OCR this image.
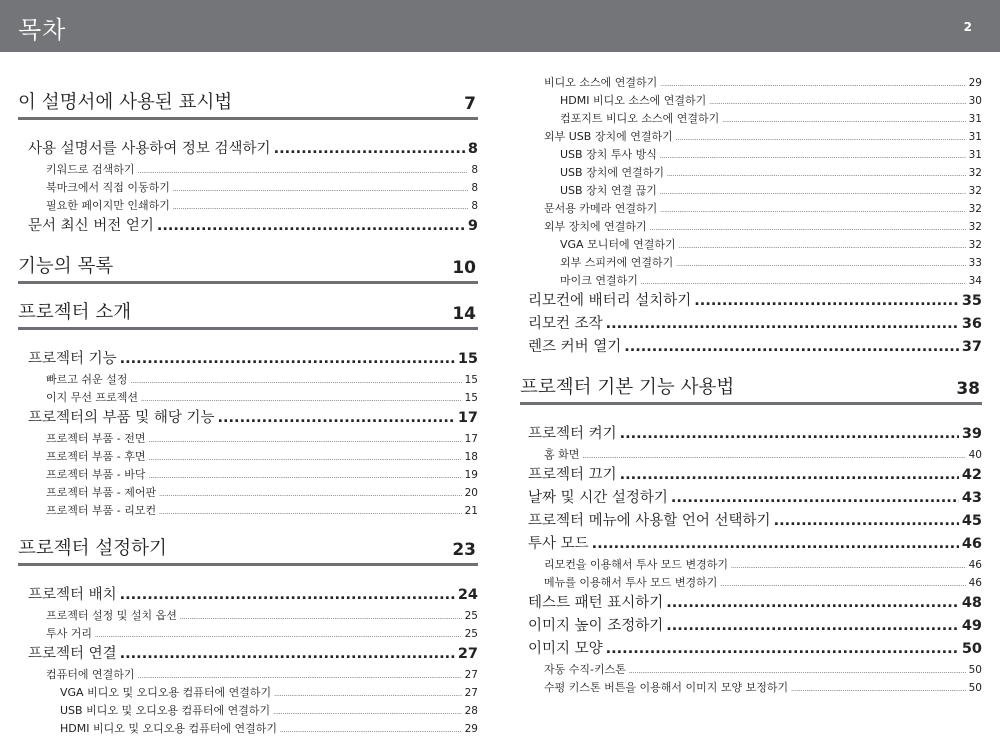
목차	2
이 설명서에 사용된 표시법	7
사용 설명서를 사용하여 정보 검색하기 .....	8
키워드로 검색하기 .....	8
북마크에서 직접 이동하기 .....	8
필요한 페이지만 인쇄하기 .....	8
문서 최신 버전 얻기 .....	9
기능의 목록	10
프로젝터 소개	14
프로젝터 기능 .....	15
빠르고 쉬운 설정 .....	15
이지 무선 프로젝션 .....	15
프로젝터의 부품 및 해당 기능 .....	17
프로젝터 부품 - 전면 .....	17
프로젝터 부품 - 후면 .....	18
프로젝터 부품 - 바닥 .....	19
프로젝터 부품 - 제어판 .....	20
프로젝터 부품 - 리모컨 .....	21
프로젝터 설정하기	23
프로젝터 배치 .....	24
프로젝터 설정 및 설치 옵션 .....	25
투사 거리 .....	25
프로젝터 연결 .....	27
컴퓨터에 연결하기 .....	27
VGA 비디오 및 오디오용 컴퓨터에 연결하기 .....	27
USB 비디오 및 오디오용 컴퓨터에 연결하기 .....	28
HDMI 비디오 및 오디오용 컴퓨터에 연결하기 .....	29
비디오 소스에 연결하기 .....	29
HDMI 비디오 소스에 연결하기 .....	30
컴포지트 비디오 소스에 연결하기 .....	31
외부 USB 장치에 연결하기 .....	31
USB 장치 투사 방식 .....	31
USB 장치에 연결하기 .....	32
USB 장치 연결 끊기 .....	32
문서용 카메라 연결하기 .....	32
외부 장치에 연결하기 .....	32
VGA 모니터에 연결하기 .....	32
외부 스피커에 연결하기 .....	33
마이크 연결하기 .....	34
리모컨에 배터리 설치하기 .....	35
리모컨 조작 .....	36
렌즈 커버 열기 .....	37
프로젝터 기본 기능 사용법	38
프로젝터 켜기 .....	39
홈 화면 .....	40
프로젝터 끄기 .....	42
날짜 및 시간 설정하기 .....	43
프로젝터 메뉴에 사용할 언어 선택하기 .....	45
투사 모드 .....	46
리모컨을 이용해서 투사 모드 변경하기 .....	46
메뉴를 이용해서 투사 모드 변경하기 .....	46
테스트 패턴 표시하기 .....	48
이미지 높이 조정하기 .....	49
이미지 모양 .....	50
자동 수직-키스톤 .....	50
수평 키스톤 버튼을 이용해서 이미지 모양 보정하기 .....	50
